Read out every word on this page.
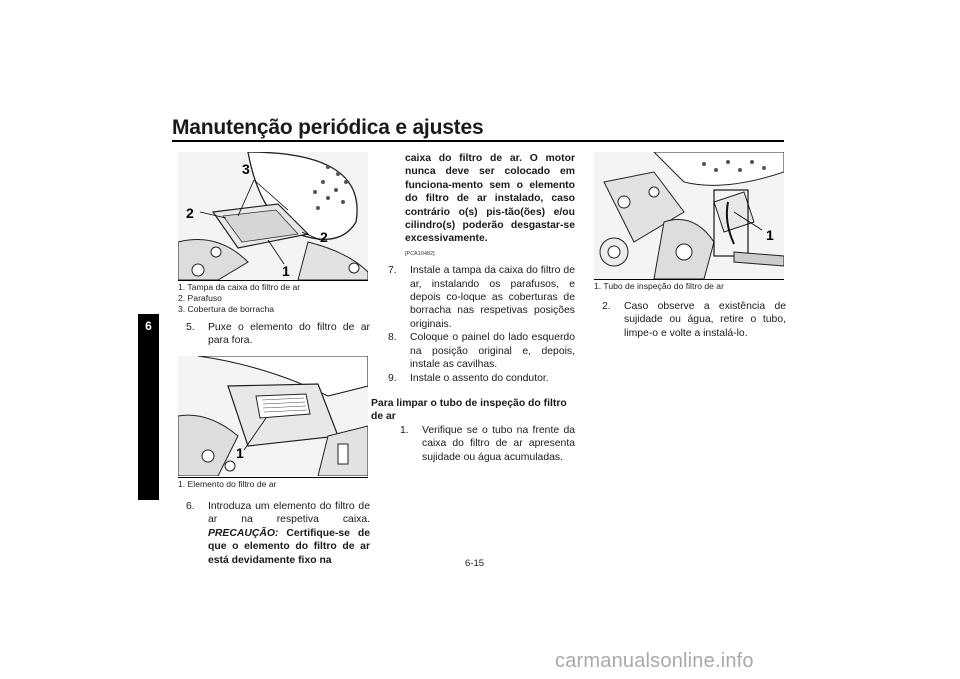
Manutenção periódica e ajustes
6
3
2
2
1
1. Tampa da caixa do filtro de ar
2. Parafuso
3. Cobertura de borracha
5. Puxe o elemento do filtro de ar para fora.
1
1. Elemento do filtro de ar
6. Introduza um elemento do filtro de ar na respetiva caixa. PRECAUÇÃO: Certifique-se de que o elemento do filtro de ar está devidamente fixo na
caixa do filtro de ar. O motor nunca deve ser colocado em funciona-mento sem o elemento do filtro de ar instalado, caso contrário o(s) pis-tão(ões) e/ou cilindro(s) poderão desgastar-se excessivamente.
[PCA10482]
7. Instale a tampa da caixa do filtro de ar, instalando os parafusos, e depois co-loque as coberturas de borracha nas respetivas posições originais.
8. Coloque o painel do lado esquerdo na posição original e, depois, instale as cavilhas.
9. Instale o assento do condutor.
Para limpar o tubo de inspeção do filtro de ar
1. Verifique se o tubo na frente da caixa do filtro de ar apresenta sujidade ou água acumuladas.
1
1. Tubo de inspeção do filtro de ar
2. Caso observe a existência de sujidade ou água, retire o tubo, limpe-o e volte a instalá-lo.
6-15
carmanualsonline.info
